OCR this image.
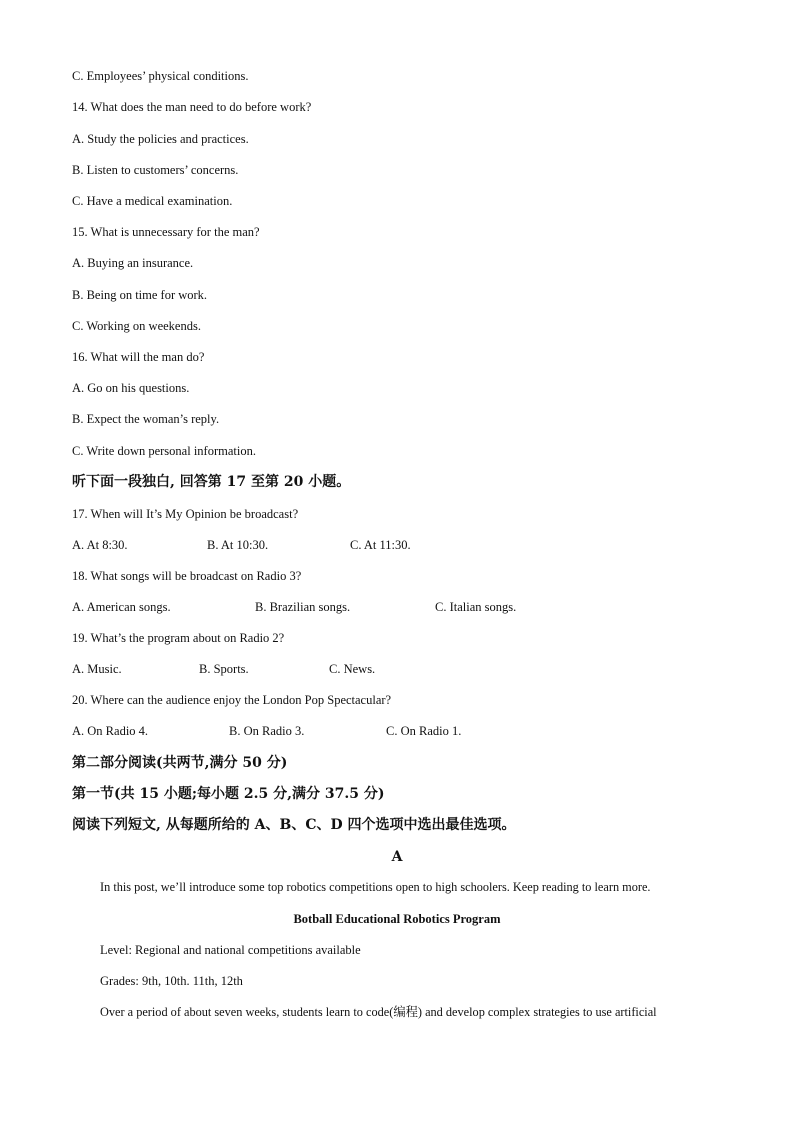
C. Employees’ physical conditions.
14. What does the man need to do before work?
A. Study the policies and practices.
B. Listen to customers’ concerns.
C. Have a medical examination.
15. What is unnecessary for the man?
A. Buying an insurance.
B. Being on time for work.
C. Working on weekends.
16. What will the man do?
A. Go on his questions.
B. Expect the woman’s reply.
C. Write down personal information.
听下面一段独白, 回答第 17 至第 20 小题。
17. When will It’s My Opinion be broadcast?
A. At 8:30.	B. At 10:30.	C. At 11:30.
18. What songs will be broadcast on Radio 3?
A. American songs.	B. Brazilian songs.	C. Italian songs.
19. What’s the program about on Radio 2?
A. Music.	B. Sports.	C. News.
20. Where can the audience enjoy the London Pop Spectacular?
A. On Radio 4.	B. On Radio 3.	C. On Radio 1.
第二部分阅读(共两节,满分 50 分)
第一节(共 15 小题;每小题 2.5 分,满分 37.5 分)
阅读下列短文, 从每题所给的 A、B、C、D 四个选项中选出最佳选项。
A
In this post, we’ll introduce some top robotics competitions open to high schoolers. Keep reading to learn more.
Botball Educational Robotics Program
Level: Regional and national competitions available
Grades: 9th, 10th. 11th, 12th
Over a period of about seven weeks, students learn to code(编程) and develop complex strategies to use artificial
